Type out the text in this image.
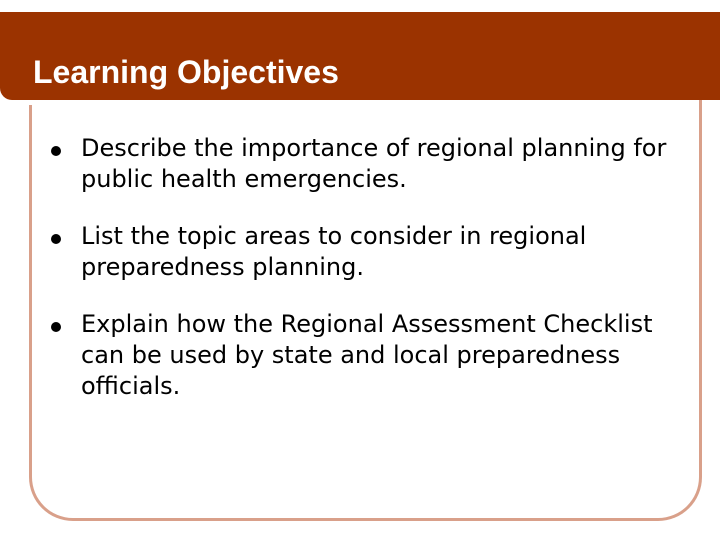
Learning Objectives
Describe the importance of regional planning for public health emergencies.
List the topic areas to consider in regional preparedness planning.
Explain how the Regional Assessment Checklist can be used by state and local preparedness officials.
